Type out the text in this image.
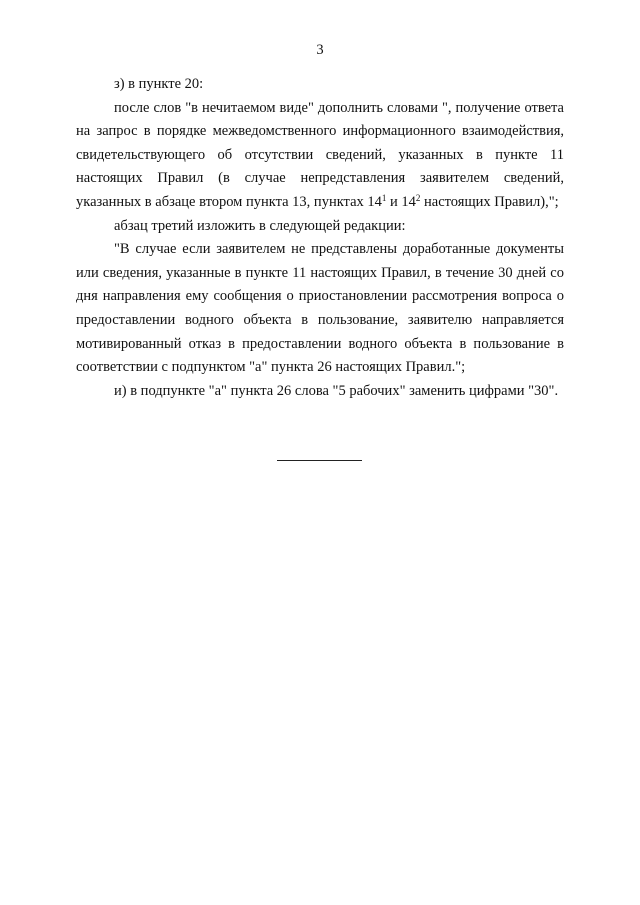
3

з) в пункте 20:

после слов "в нечитаемом виде" дополнить словами ", получение ответа на запрос в порядке межведомственного информационного взаимодействия, свидетельствующего об отсутствии сведений, указанных в пункте 11 настоящих Правил (в случае непредставления заявителем сведений, указанных в абзаце втором пункта 13, пунктах $14^1$ и $14^2$ настоящих Правил),";

абзац третий изложить в следующей редакции:

"В случае если заявителем не представлены доработанные документы или сведения, указанные в пункте 11 настоящих Правил, в течение 30 дней со дня направления ему сообщения о приостановлении рассмотрения вопроса о предоставлении водного объекта в пользование, заявителю направляется мотивированный отказ в предоставлении водного объекта в пользование в соответствии с подпунктом "а" пункта 26 настоящих Правил.";

и) в подпункте "а" пункта 26 слова "5 рабочих" заменить цифрами "30".
